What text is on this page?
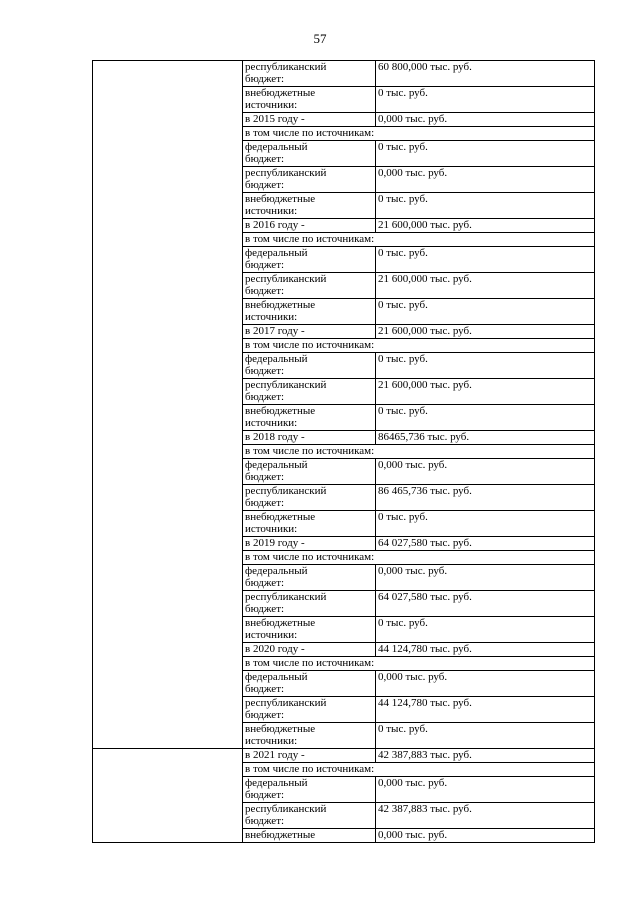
57

	республиканский
бюджет:	60 800,000 тыс. руб.

	внебюджетные
источники:	0 тыс. руб.

	в 2015 году -	0,000 тыс. руб.
	в том числе по источникам:	

	федеральный
бюджет:	0 тыс. руб.

	республиканский
бюджет:	0,000 тыс. руб.

	внебюджетные
источники:	0 тыс. руб.

	в 2016 году -	21 600,000 тыс. руб.
	в том числе по источникам:	

	федеральный
бюджет:	0 тыс. руб.

	республиканский
бюджет:	21 600,000 тыс. руб.

	внебюджетные
источники:	0 тыс. руб.

	в 2017 году -	21 600,000 тыс. руб.
	в том числе по источникам:	

	федеральный
бюджет:	0 тыс. руб.

	республиканский
бюджет:	21 600,000 тыс. руб.

	внебюджетные
источники:	0 тыс. руб.

	в 2018 году -	86465,736 тыс. руб.
	в том числе по источникам:	

	федеральный
бюджет:	0,000 тыс. руб.

	республиканский
бюджет:	86 465,736 тыс. руб.

	внебюджетные
источники:	0 тыс. руб.

	в 2019 году -	64 027,580 тыс. руб.
	в том числе по источникам:	

	федеральный
бюджет:	0,000 тыс. руб.

	республиканский
бюджет:	64 027,580 тыс. руб.

	внебюджетные
источники:	0 тыс. руб.

	в 2020 году -	44 124,780 тыс. руб.
	в том числе по источникам:	

	федеральный
бюджет:	0,000 тыс. руб.

	республиканский
бюджет:	44 124,780 тыс. руб.

	внебюджетные
источники:	0 тыс. руб.

	в 2021 году -	42 387,883 тыс. руб.
	в том числе по источникам:	

	федеральный
бюджет:	0,000 тыс. руб.

	республиканский
бюджет:	42 387,883 тыс. руб.

	внебюджетные	0,000 тыс. руб.
